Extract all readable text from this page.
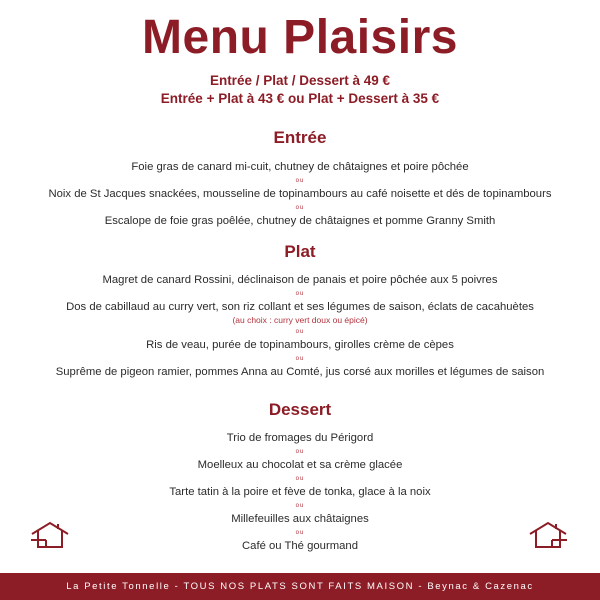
Menu Plaisirs
Entrée / Plat / Dessert à 49 €
Entrée + Plat à 43 € ou Plat + Dessert à 35 €
Entrée
Foie gras de canard mi-cuit, chutney de châtaignes et poire pôchée
ou
Noix de St Jacques snackées, mousseline de topinambours au café noisette et dés de topinambours
ou
Escalope de foie gras poêlée, chutney de châtaignes et pomme Granny Smith
Plat
Magret de canard Rossini, déclinaison de panais et poire pôchée aux 5 poivres
ou
Dos de cabillaud au curry vert, son riz collant et ses légumes de saison, éclats de cacahuètes
(au choix : curry vert doux ou épicé)
ou
Ris de veau, purée de topinambours, girolles crème de cèpes
ou
Suprême de pigeon ramier, pommes Anna au Comté, jus corsé aux morilles et légumes de saison
Dessert
Trio de fromages du Périgord
ou
Moelleux au chocolat et sa crème glacée
ou
Tarte tatin à la poire et fève de tonka, glace à la noix
ou
Millefeuilles aux châtaignes
ou
Café ou Thé gourmand
La Petite Tonnelle - TOUS NOS PLATS SONT FAITS MAISON - Beynac & Cazenac
